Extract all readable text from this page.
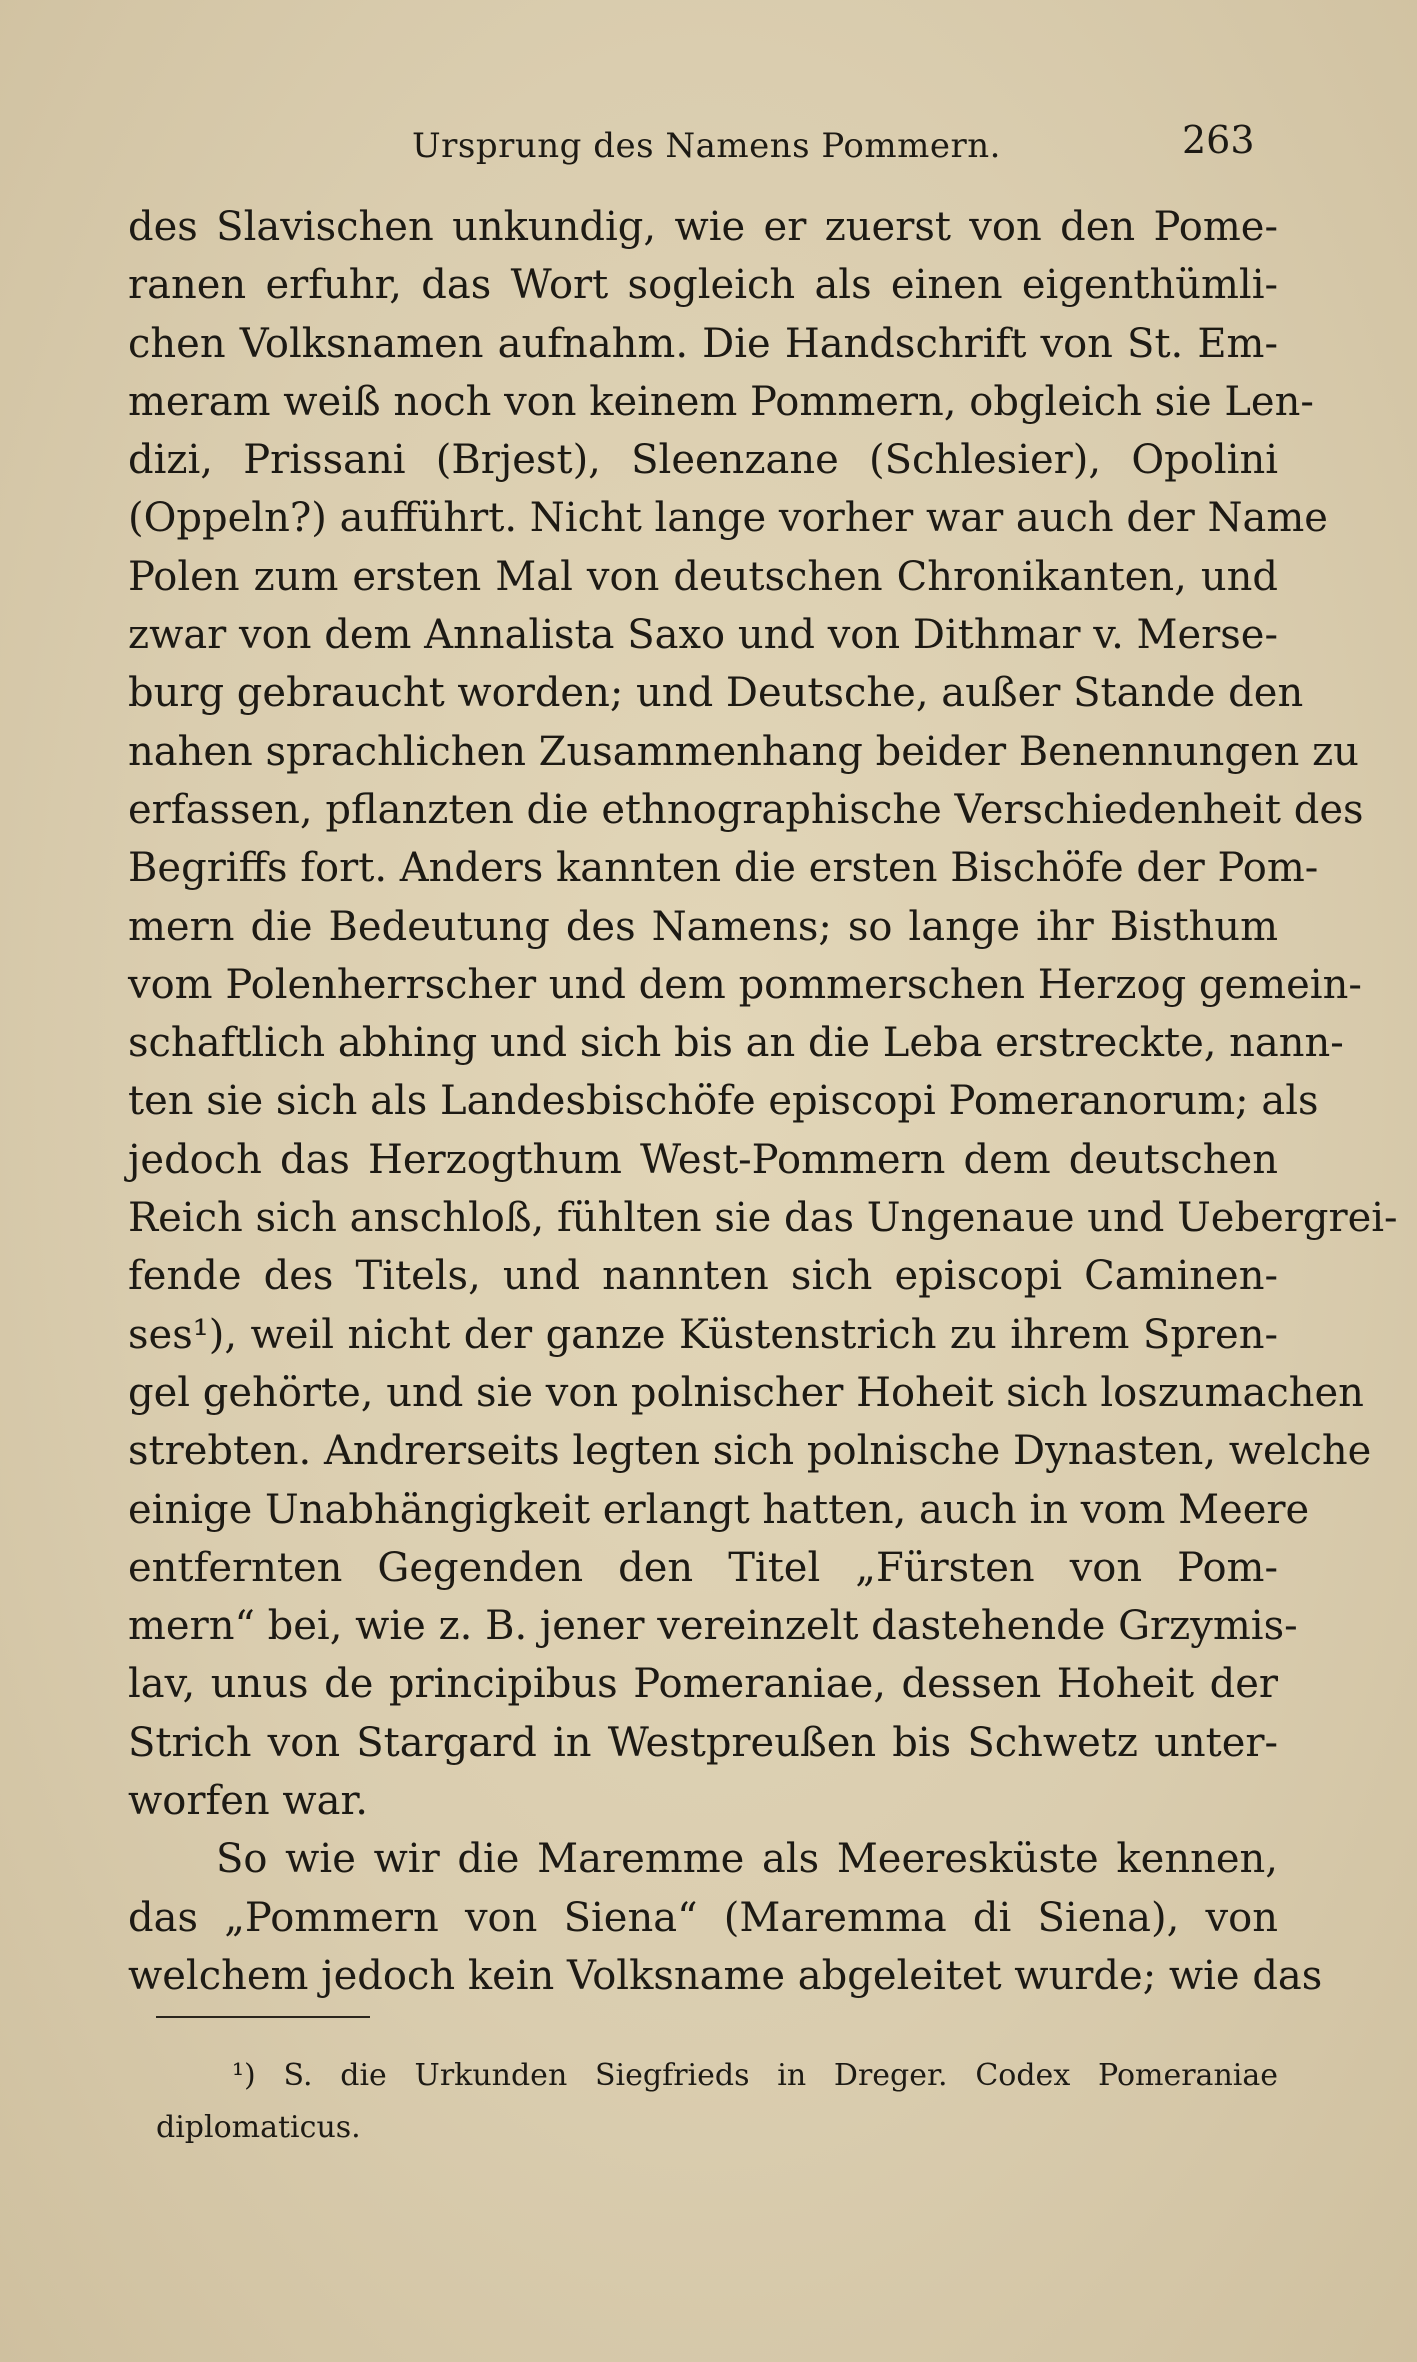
Ursprung des Namens Pommern.	263
des Slavischen unkundig, wie er zuerst von den Pome-
ranen erfuhr, das Wort sogleich als einen eigenthümli-
chen Volksnamen aufnahm. Die Handschrift von St. Em-
meram weiß noch von keinem Pommern, obgleich sie Len-
dizi, Prissani (Brjest), Sleenzane (Schlesier), Opolini
(Oppeln?) aufführt. Nicht lange vorher war auch der Name
Polen zum ersten Mal von deutschen Chronikanten, und
zwar von dem Annalista Saxo und von Dithmar v. Merse-
burg gebraucht worden; und Deutsche, außer Stande den
nahen sprachlichen Zusammenhang beider Benennungen zu
erfassen, pflanzten die ethnographische Verschiedenheit des
Begriffs fort. Anders kannten die ersten Bischöfe der Pom-
mern die Bedeutung des Namens; so lange ihr Bisthum
vom Polenherrscher und dem pommerschen Herzog gemein-
schaftlich abhing und sich bis an die Leba erstreckte, nann-
ten sie sich als Landesbischöfe episcopi Pomeranorum; als
jedoch das Herzogthum West-Pommern dem deutschen
Reich sich anschloß, fühlten sie das Ungenaue und Uebergrei-
fende des Titels, und nannten sich episcopi Caminen-
ses¹), weil nicht der ganze Küstenstrich zu ihrem Spren-
gel gehörte, und sie von polnischer Hoheit sich loszumachen
strebten. Andrerseits legten sich polnische Dynasten, welche
einige Unabhängigkeit erlangt hatten, auch in vom Meere
entfernten Gegenden den Titel „Fürsten von Pom-
mern“ bei, wie z. B. jener vereinzelt dastehende Grzymis-
lav, unus de principibus Pomeraniae, dessen Hoheit der
Strich von Stargard in Westpreußen bis Schwetz unter-
worfen war.
So wie wir die Maremme als Meeresküste kennen,
das „Pommern von Siena“ (Maremma di Siena), von
welchem jedoch kein Volksname abgeleitet wurde; wie das
¹) S. die Urkunden Siegfrieds in Dreger. Codex Pomeraniae
diplomaticus.
